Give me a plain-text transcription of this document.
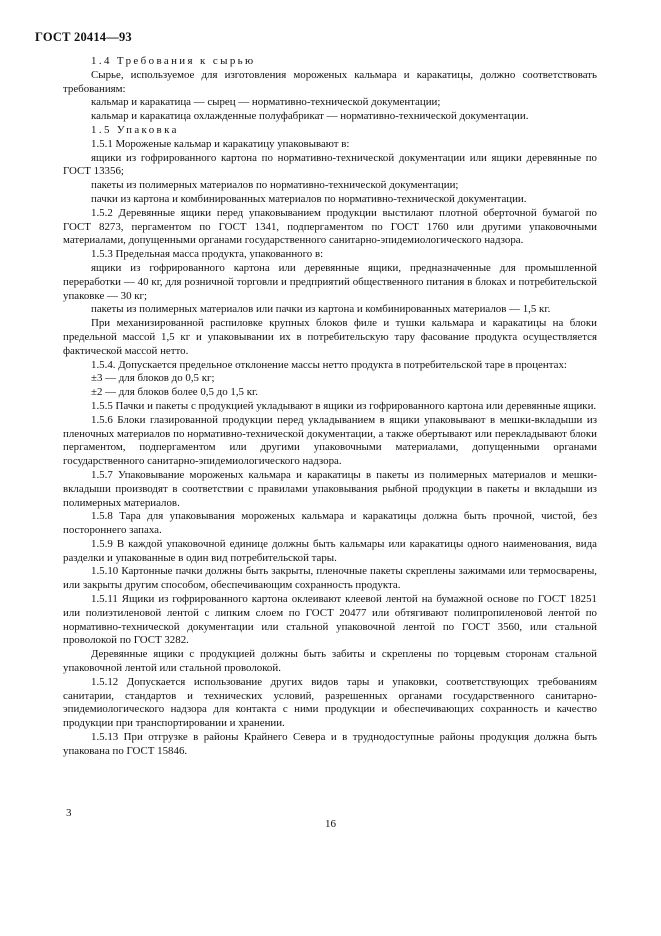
ГОСТ 20414—93

1.4 Требования к сырью

Сырье, используемое для изготовления мороженых кальмара и каракатицы, должно соответствовать требованиям:

кальмар и каракатица — сырец — нормативно-технической документации;

кальмар и каракатица охлажденные полуфабрикат — нормативно-технической документации.

1.5 Упаковка

1.5.1 Мороженые кальмар и каракатицу упаковывают в:

ящики из гофрированного картона по нормативно-технической документации или ящики деревянные по ГОСТ 13356;

пакеты из полимерных материалов по нормативно-технической документации;

пачки из картона и комбинированных материалов по нормативно-технической документации.

1.5.2 Деревянные ящики перед упаковыванием продукции выстилают плотной оберточной бумагой по ГОСТ 8273, пергаментом по ГОСТ 1341, подпергаментом по ГОСТ 1760 или другими упаковочными материалами, допущенными органами государственного санитарно-эпидемиологического надзора.

1.5.3 Предельная масса продукта, упакованного в:

ящики из гофрированного картона или деревянные ящики, предназначенные для промышленной переработки — 40 кг, для розничной торговли и предприятий общественного питания в блоках и потребительской упаковке — 30 кг;

пакеты из полимерных материалов или пачки из картона и комбинированных материалов — 1,5 кг.

При механизированной распиловке крупных блоков филе и тушки кальмара и каракатицы на блоки предельной массой 1,5 кг и упаковывании их в потребительскую тару фасование продукта осуществляется фактической массой нетто.

1.5.4. Допускается предельное отклонение массы нетто продукта в потребительской таре в процентах:

±3 — для блоков до 0,5 кг;

±2 — для блоков более 0,5 до 1,5 кг.

1.5.5 Пачки и пакеты с продукцией укладывают в ящики из гофрированного картона или деревянные ящики.

1.5.6 Блоки глазированной продукции перед укладыванием в ящики упаковывают в мешки-вкладыши из пленочных материалов по нормативно-технической документации, а также обертывают или перекладывают блоки пергаментом, подпергаментом или другими упаковочными материалами, допущенными органами государственного санитарно-эпидемиологического надзора.

1.5.7 Упаковывание мороженых кальмара и каракатицы в пакеты из полимерных материалов и мешки-вкладыши производят в соответствии с правилами упаковывания рыбной продукции в пакеты и вкладыши из полимерных материалов.

1.5.8 Тара для упаковывания мороженых кальмара и каракатицы должна быть прочной, чистой, без постороннего запаха.

1.5.9 В каждой упаковочной единице должны быть кальмары или каракатицы одного наименования, вида разделки и упакованные в один вид потребительской тары.

1.5.10 Картонные пачки должны быть закрыты, пленочные пакеты скреплены зажимами или термосварены, или закрыты другим способом, обеспечивающим сохранность продукта.

1.5.11 Ящики из гофрированного картона оклеивают клеевой лентой на бумажной основе по ГОСТ 18251 или полиэтиленовой лентой с липким слоем по ГОСТ 20477 или обтягивают полипропиленовой лентой по нормативно-технической документации или стальной упаковочной лентой по ГОСТ 3560, или стальной проволокой по ГОСТ 3282.

Деревянные ящики с продукцией должны быть забиты и скреплены по торцевым сторонам стальной упаковочной лентой или стальной проволокой.

1.5.12 Допускается использование других видов тары и упаковки, соответствующих требованиям санитарии, стандартов и технических условий, разрешенных органами государственного санитарно-эпидемиологического надзора для контакта с ними продукции и обеспечивающих сохранность и качество продукции при транспортировании и хранении.

1.5.13 При отгрузке в районы Крайнего Севера и в труднодоступные районы продукция должна быть упакована по ГОСТ 15846.

3
16
